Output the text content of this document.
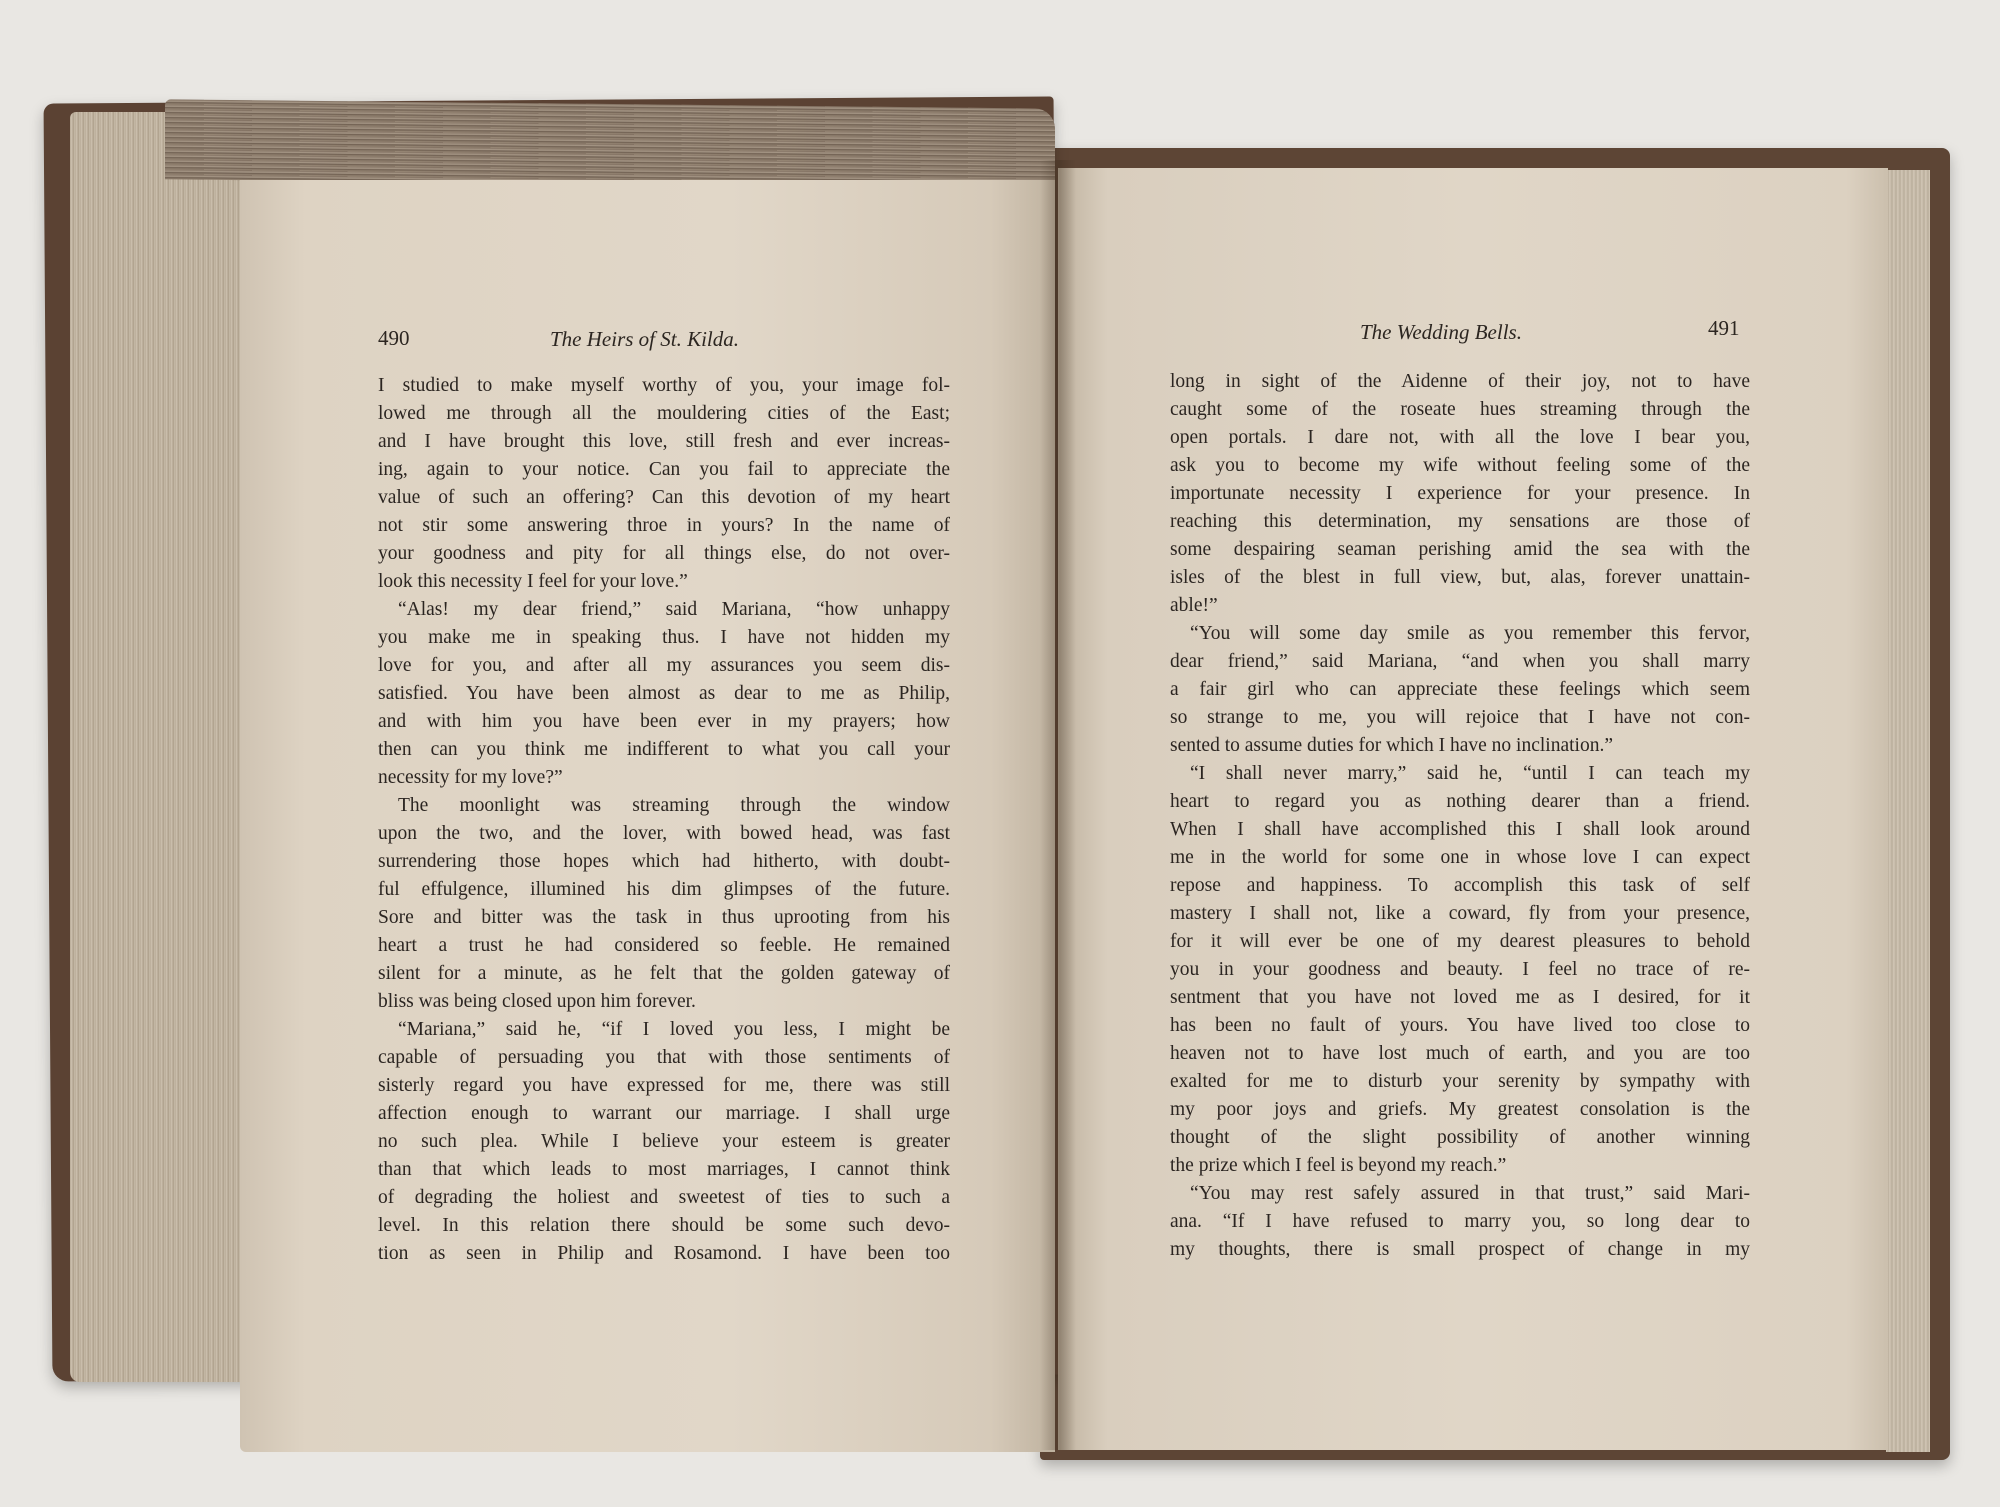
490	The Heirs of St. Kilda.
I studied to make myself worthy of you, your image fol-
lowed me through all the mouldering cities of the East;
and I have brought this love, still fresh and ever increas-
ing, again to your notice. Can you fail to appreciate the
value of such an offering? Can this devotion of my heart
not stir some answering throe in yours? In the name of
your goodness and pity for all things else, do not over-
look this necessity I feel for your love.”
“Alas! my dear friend,” said Mariana, “how unhappy
you make me in speaking thus. I have not hidden my
love for you, and after all my assurances you seem dis-
satisfied. You have been almost as dear to me as Philip,
and with him you have been ever in my prayers; how
then can you think me indifferent to what you call your
necessity for my love?”
The moonlight was streaming through the window
upon the two, and the lover, with bowed head, was fast
surrendering those hopes which had hitherto, with doubt-
ful effulgence, illumined his dim glimpses of the future.
Sore and bitter was the task in thus uprooting from his
heart a trust he had considered so feeble. He remained
silent for a minute, as he felt that the golden gateway of
bliss was being closed upon him forever.
“Mariana,” said he, “if I loved you less, I might be
capable of persuading you that with those sentiments of
sisterly regard you have expressed for me, there was still
affection enough to warrant our marriage. I shall urge
no such plea. While I believe your esteem is greater
than that which leads to most marriages, I cannot think
of degrading the holiest and sweetest of ties to such a
level. In this relation there should be some such devo-
tion as seen in Philip and Rosamond. I have been too
The Wedding Bells.	491
long in sight of the Aidenne of their joy, not to have
caught some of the roseate hues streaming through the
open portals. I dare not, with all the love I bear you,
ask you to become my wife without feeling some of the
importunate necessity I experience for your presence. In
reaching this determination, my sensations are those of
some despairing seaman perishing amid the sea with the
isles of the blest in full view, but, alas, forever unattain-
able!”
“You will some day smile as you remember this fervor,
dear friend,” said Mariana, “and when you shall marry
a fair girl who can appreciate these feelings which seem
so strange to me, you will rejoice that I have not con-
sented to assume duties for which I have no inclination.”
“I shall never marry,” said he, “until I can teach my
heart to regard you as nothing dearer than a friend.
When I shall have accomplished this I shall look around
me in the world for some one in whose love I can expect
repose and happiness. To accomplish this task of self
mastery I shall not, like a coward, fly from your presence,
for it will ever be one of my dearest pleasures to behold
you in your goodness and beauty. I feel no trace of re-
sentment that you have not loved me as I desired, for it
has been no fault of yours. You have lived too close to
heaven not to have lost much of earth, and you are too
exalted for me to disturb your serenity by sympathy with
my poor joys and griefs. My greatest consolation is the
thought of the slight possibility of another winning
the prize which I feel is beyond my reach.”
“You may rest safely assured in that trust,” said Mari-
ana. “If I have refused to marry you, so long dear to
my thoughts, there is small prospect of change in my
